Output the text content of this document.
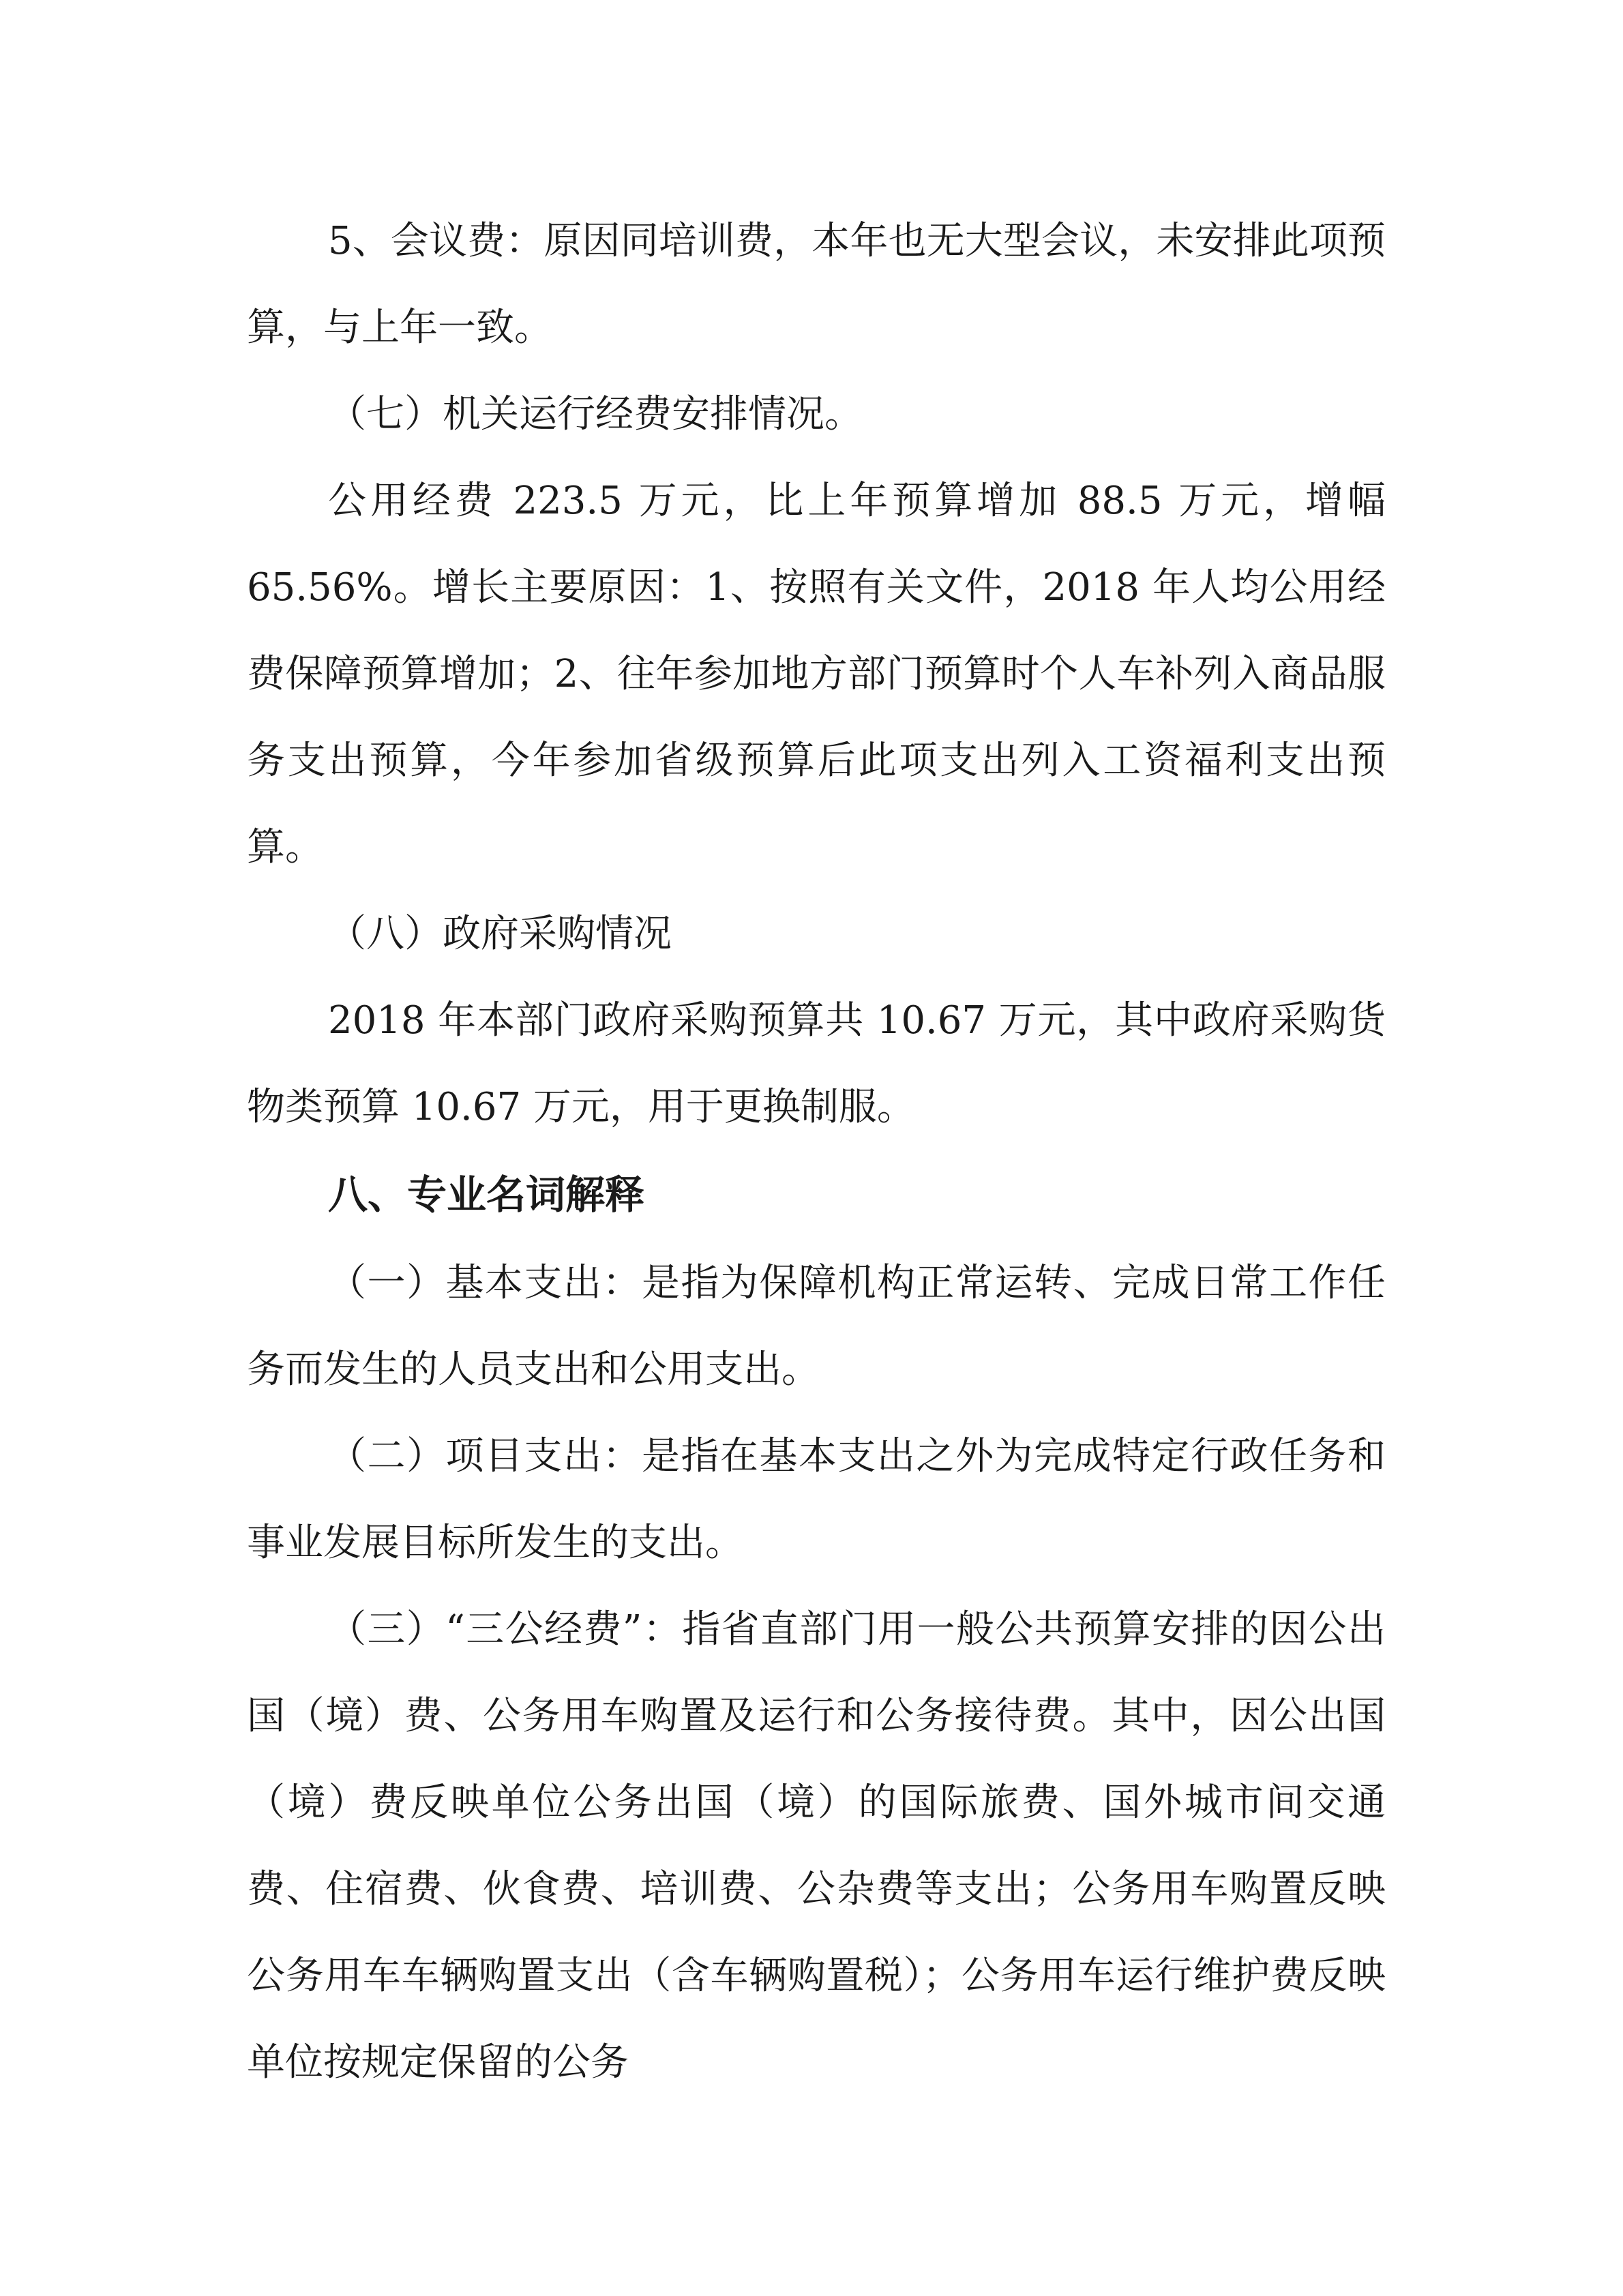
5、会议费：原因同培训费，本年也无大型会议，未安排此项预算，与上年一致。

（七）机关运行经费安排情况。

公用经费 223.5 万元，比上年预算增加 88.5 万元，增幅 65.56%。增长主要原因：1、按照有关文件，2018 年人均公用经费保障预算增加；2、往年参加地方部门预算时个人车补列入商品服务支出预算，今年参加省级预算后此项支出列入工资福利支出预算。

（八）政府采购情况

2018 年本部门政府采购预算共 10.67 万元，其中政府采购货物类预算 10.67 万元，用于更换制服。

八、专业名词解释

（一）基本支出：是指为保障机构正常运转、完成日常工作任务而发生的人员支出和公用支出。

（二）项目支出：是指在基本支出之外为完成特定行政任务和事业发展目标所发生的支出。

（三）“三公经费”：指省直部门用一般公共预算安排的因公出国（境）费、公务用车购置及运行和公务接待费。其中，因公出国（境）费反映单位公务出国（境）的国际旅费、国外城市间交通费、住宿费、伙食费、培训费、公杂费等支出；公务用车购置反映公务用车车辆购置支出（含车辆购置税）；公务用车运行维护费反映单位按规定保留的公务
